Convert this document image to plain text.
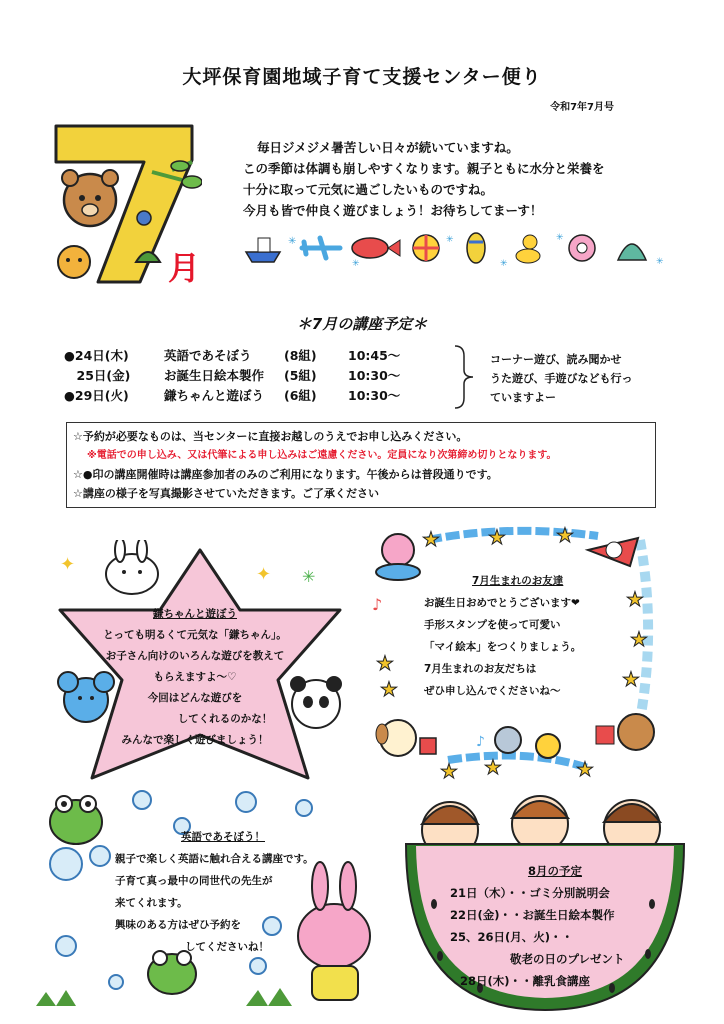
大坪保育園地域子育て支援センター便り
令和7年7月号
月
毎日ジメジメ暑苦しい日々が続いていますね。
この季節は体調も崩しやすくなります。親子ともに水分と栄養を
十分に取って元気に過ごしたいものですね。
今月も皆で仲良く遊びましょう！お待ちしてまーす！
✳
✳
✳
✳
✳
✳
＊7月の講座予定＊
●24日(木)	英語であそぼう	(8組)	10:45～
　25日(金)	お誕生日絵本製作	(5組)	10:30～
●29日(火)	鎌ちゃんと遊ぼう	(6組)	10:30～
コーナー遊び、読み聞かせ
うた遊び、手遊びなども行っ
ていますよー
☆予約が必要なものは、当センターに直接お越しのうえでお申し込みください。
※電話での申し込み、又は代筆による申し込みはご遠慮ください。定員になり次第締め切りとなります。
☆●印の講座開催時は講座参加者のみのご利用になります。午後からは普段通りです。
☆講座の様子を写真撮影させていただきます。ご了承ください
✦	✦ ✳
鎌ちゃんと遊ぼう
とっても明るくて元気な「鎌ちゃん」。
お子さん向けのいろんな遊びを教えて
もらえますよ～♡
今回はどんな遊びを
してくれるのかな！
みんなで楽しく遊びましょう！
★ ★	★
★
★
★
★
★
★ ★	★
♪
♪
7月生まれのお友達
お誕生日おめでとうございます❤
手形スタンプを使って可愛い
「マイ絵本」をつくりましょう。
7月生まれのお友だちは
ぜひ申し込んでくださいね～
英語であそぼう！
親子で楽しく英語に触れ合える講座です。
子育て真っ最中の同世代の先生が
来てくれます。
興味のある方はぜひ予約を
してくださいね！
8月の予定
21日（木）・・ゴミ分別説明会
22日(金)・・お誕生日絵本製作
25、26日(月、火)・・
敬老の日のプレゼント
28日(木)・・離乳食講座
